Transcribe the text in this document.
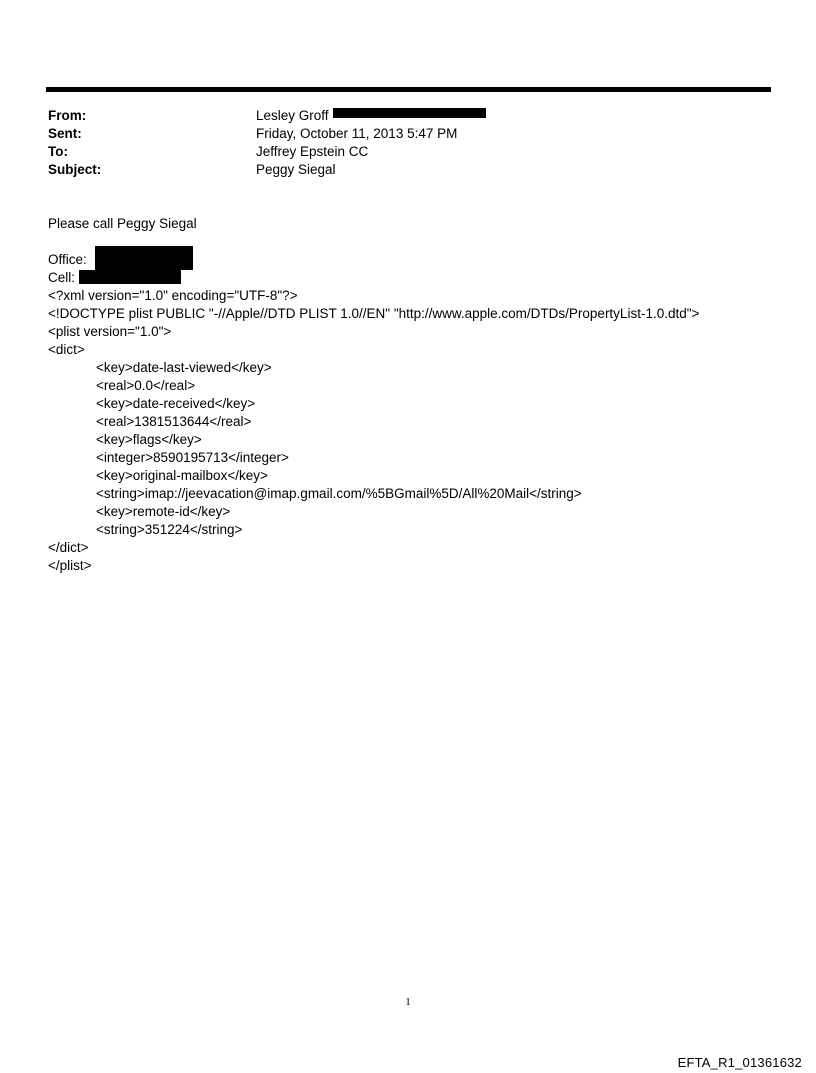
From:	Lesley Groff
Sent:	Friday, October 11, 2013 5:47 PM
To:	Jeffrey Epstein CC
Subject:	Peggy Siegal
Please call Peggy Siegal
Office:
Cell:
<?xml version="1.0" encoding="UTF-8"?>
<!DOCTYPE plist PUBLIC "-//Apple//DTD PLIST 1.0//EN" "http://www.apple.com/DTDs/PropertyList-1.0.dtd">
<plist version="1.0">
<dict>
<key>date-last-viewed</key>
<real>0.0</real>
<key>date-received</key>
<real>1381513644</real>
<key>flags</key>
<integer>8590195713</integer>
<key>original-mailbox</key>
<string>imap://jeevacation@imap.gmail.com/%5BGmail%5D/All%20Mail</string>
<key>remote-id</key>
<string>351224</string>
</dict>
</plist>
1
EFTA_R1_01361632
